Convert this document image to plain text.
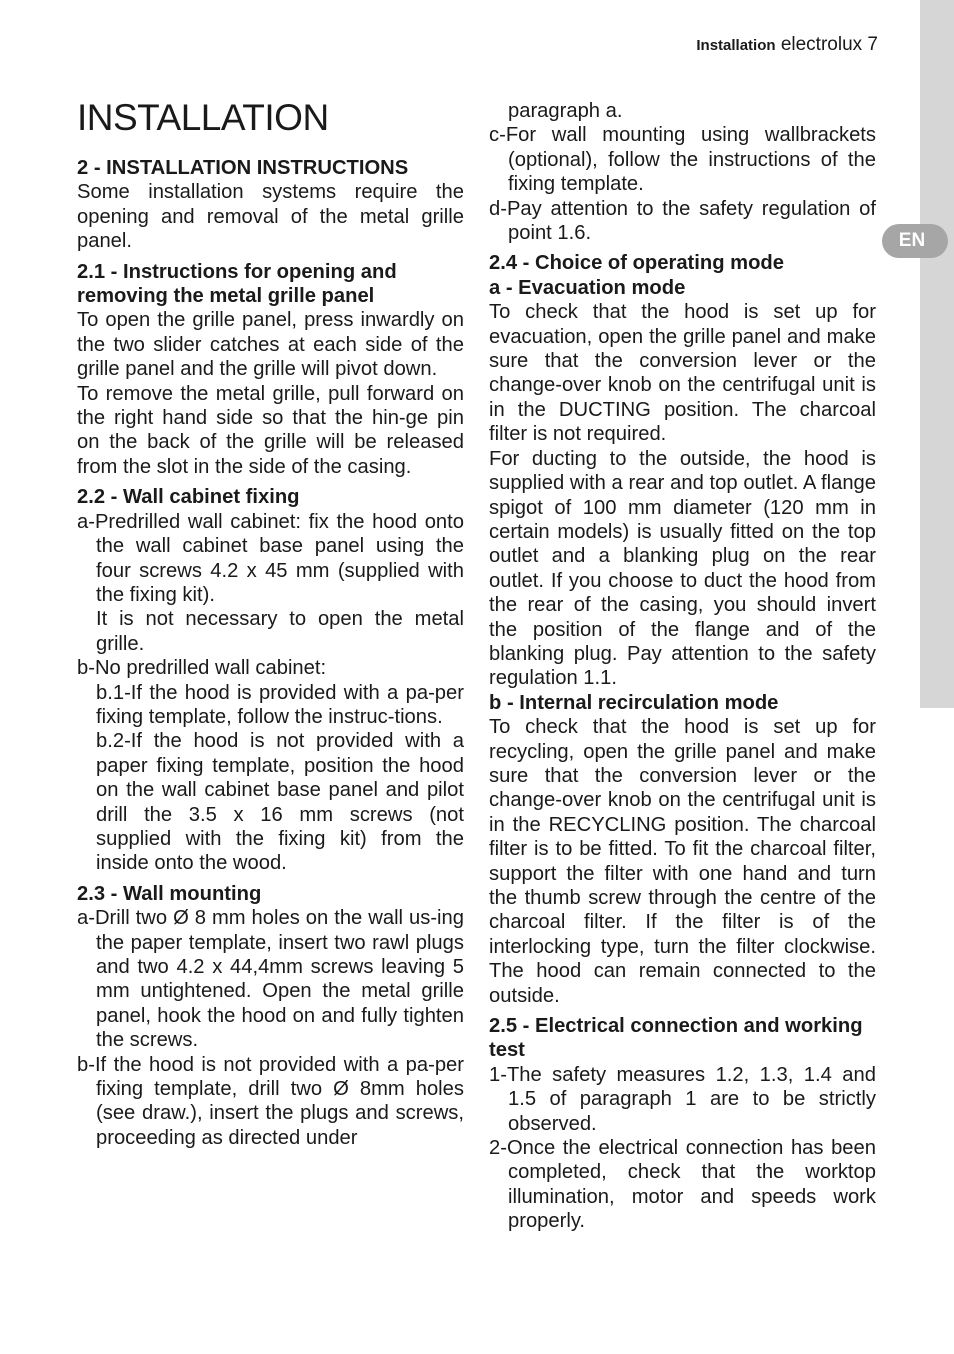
EN
Installation electrolux 7
INSTALLATION
2 - INSTALLATION INSTRUCTIONS

Some installation systems require the opening and removal of the metal grille panel.

2.1 - Instructions for opening and removing the metal grille panel

To open the grille panel, press inwardly on the two slider catches at each side of the grille panel and the grille will pivot down.

To remove the metal grille, pull forward on the right hand side so that the hin-ge pin on the back of the grille will be released from the slot in the side of the casing.

2.2 - Wall cabinet fixing

a-Predrilled wall cabinet: fix the hood onto the wall cabinet base panel using the four screws 4.2 x 45 mm (supplied with the fixing kit).

It is not necessary to open the metal grille.

b-No predrilled wall cabinet:

b.1-If the hood is provided with a pa-per fixing template, follow the instruc-tions.

b.2-If the hood is not provided with a paper fixing template, position the hood on the wall cabinet base panel and pilot drill the 3.5 x 16 mm screws (not supplied with the fixing kit) from the inside onto the wood.

2.3 - Wall mounting

a-Drill two Ø 8 mm holes on the wall us-ing the paper template, insert two rawl plugs and two 4.2 x 44,4mm screws leaving 5 mm untightened. Open the metal grille panel, hook the hood on and fully tighten the screws.

b-If the hood is not provided with a pa-per fixing template, drill two Ø 8mm holes (see draw.), insert the plugs and screws, proceeding as directed under

paragraph a.

c-For wall mounting using wallbrackets (optional), follow the instructions of the fixing template.

d-Pay attention to the safety regulation of point 1.6.

2.4 - Choice of operating mode
a - Evacuation mode

To check that the hood is set up for evacuation, open the grille panel and make sure that the conversion lever or the change-over knob on the centrifugal unit is in the DUCTING position. The charcoal filter is not required.

For ducting to the outside, the hood is supplied with a rear and top outlet. A flange spigot of 100 mm diameter (120 mm in certain models) is usually fitted on the top outlet and a blanking plug on the rear outlet. If you choose to duct the hood from the rear of the casing, you should invert the position of the flange and of the blanking plug. Pay attention to the safety regulation 1.1.

b - Internal recirculation mode

To check that the hood is set up for recycling, open the grille panel and make sure that the conversion lever or the change-over knob on the centrifugal unit is in the RECYCLING position. The charcoal filter is to be fitted. To fit the charcoal filter, support the filter with one hand and turn the thumb screw through the centre of the charcoal filter. If the filter is of the interlocking type, turn the filter clockwise. The hood can remain connected to the outside.

2.5 - Electrical connection and working test

1-The safety measures 1.2, 1.3, 1.4 and 1.5 of paragraph 1 are to be strictly observed.

2-Once the electrical connection has been completed, check that the worktop illumination, motor and speeds work properly.
